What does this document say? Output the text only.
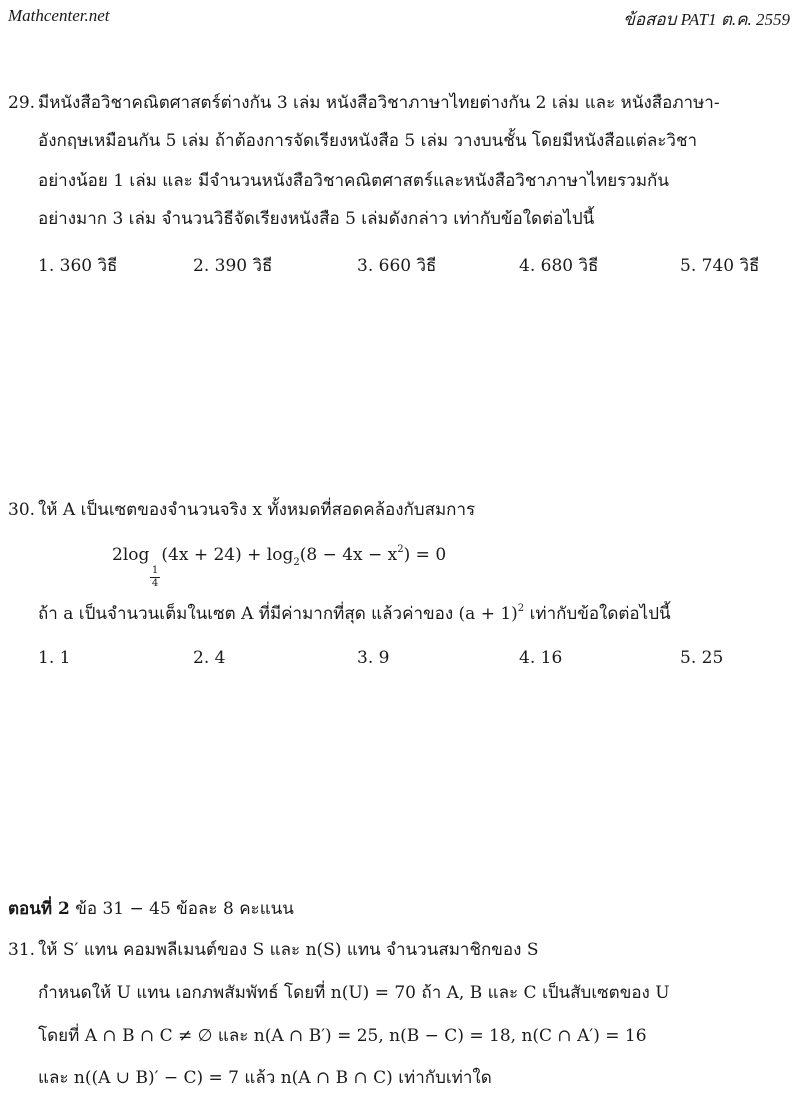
Mathcenter.net	ข้อสอบ PAT1 ต.ค. 2559
29. มีหนังสือวิชาคณิตศาสตร์ต่างกัน 3 เล่ม หนังสือวิชาภาษาไทยต่างกัน 2 เล่ม และ หนังสือภาษา-
อังกฤษเหมือนกัน 5 เล่ม ถ้าต้องการจัดเรียงหนังสือ 5 เล่ม วางบนชั้น โดยมีหนังสือแต่ละวิชา
อย่างน้อย 1 เล่ม และ มีจำนวนหนังสือวิชาคณิตศาสตร์และหนังสือวิชาภาษาไทยรวมกัน
อย่างมาก 3 เล่ม จำนวนวิธีจัดเรียงหนังสือ 5 เล่มดังกล่าว เท่ากับข้อใดต่อไปนี้
1. 360 วิธี	2. 390 วิธี	3. 660 วิธี	4. 680 วิธี	5. 740 วิธี
30. ให้ A เป็นเซตของจำนวนจริง x ทั้งหมดที่สอดคล้องกับสมการ
2log $(4x + 24) + \log_2(8 - 4x - x^2) = 0$
1
4
ถ้า a เป็นจำนวนเต็มในเซต A ที่มีค่ามากที่สุด แล้วค่าของ $(a + 1)^2$ เท่ากับข้อใดต่อไปนี้
1. 1	2. 4	3. 9	4. 16	5. 25
ตอนที่ 2 ข้อ 31 − 45 ข้อละ 8 คะแนน
31. ให้ S′ แทน คอมพลีเมนต์ของ S และ n(S) แทน จำนวนสมาชิกของ S
กำหนดให้ U แทน เอกภพสัมพัทธ์ โดยที่ n(U) = 70 ถ้า A, B และ C เป็นสับเซตของ U
โดยที่ A ∩ B ∩ C ≠ ∅ และ n(A ∩ B′) = 25, n(B − C) = 18, n(C ∩ A′) = 16
และ n((A ∪ B)′ − C) = 7 แล้ว n(A ∩ B ∩ C) เท่ากับเท่าใด
